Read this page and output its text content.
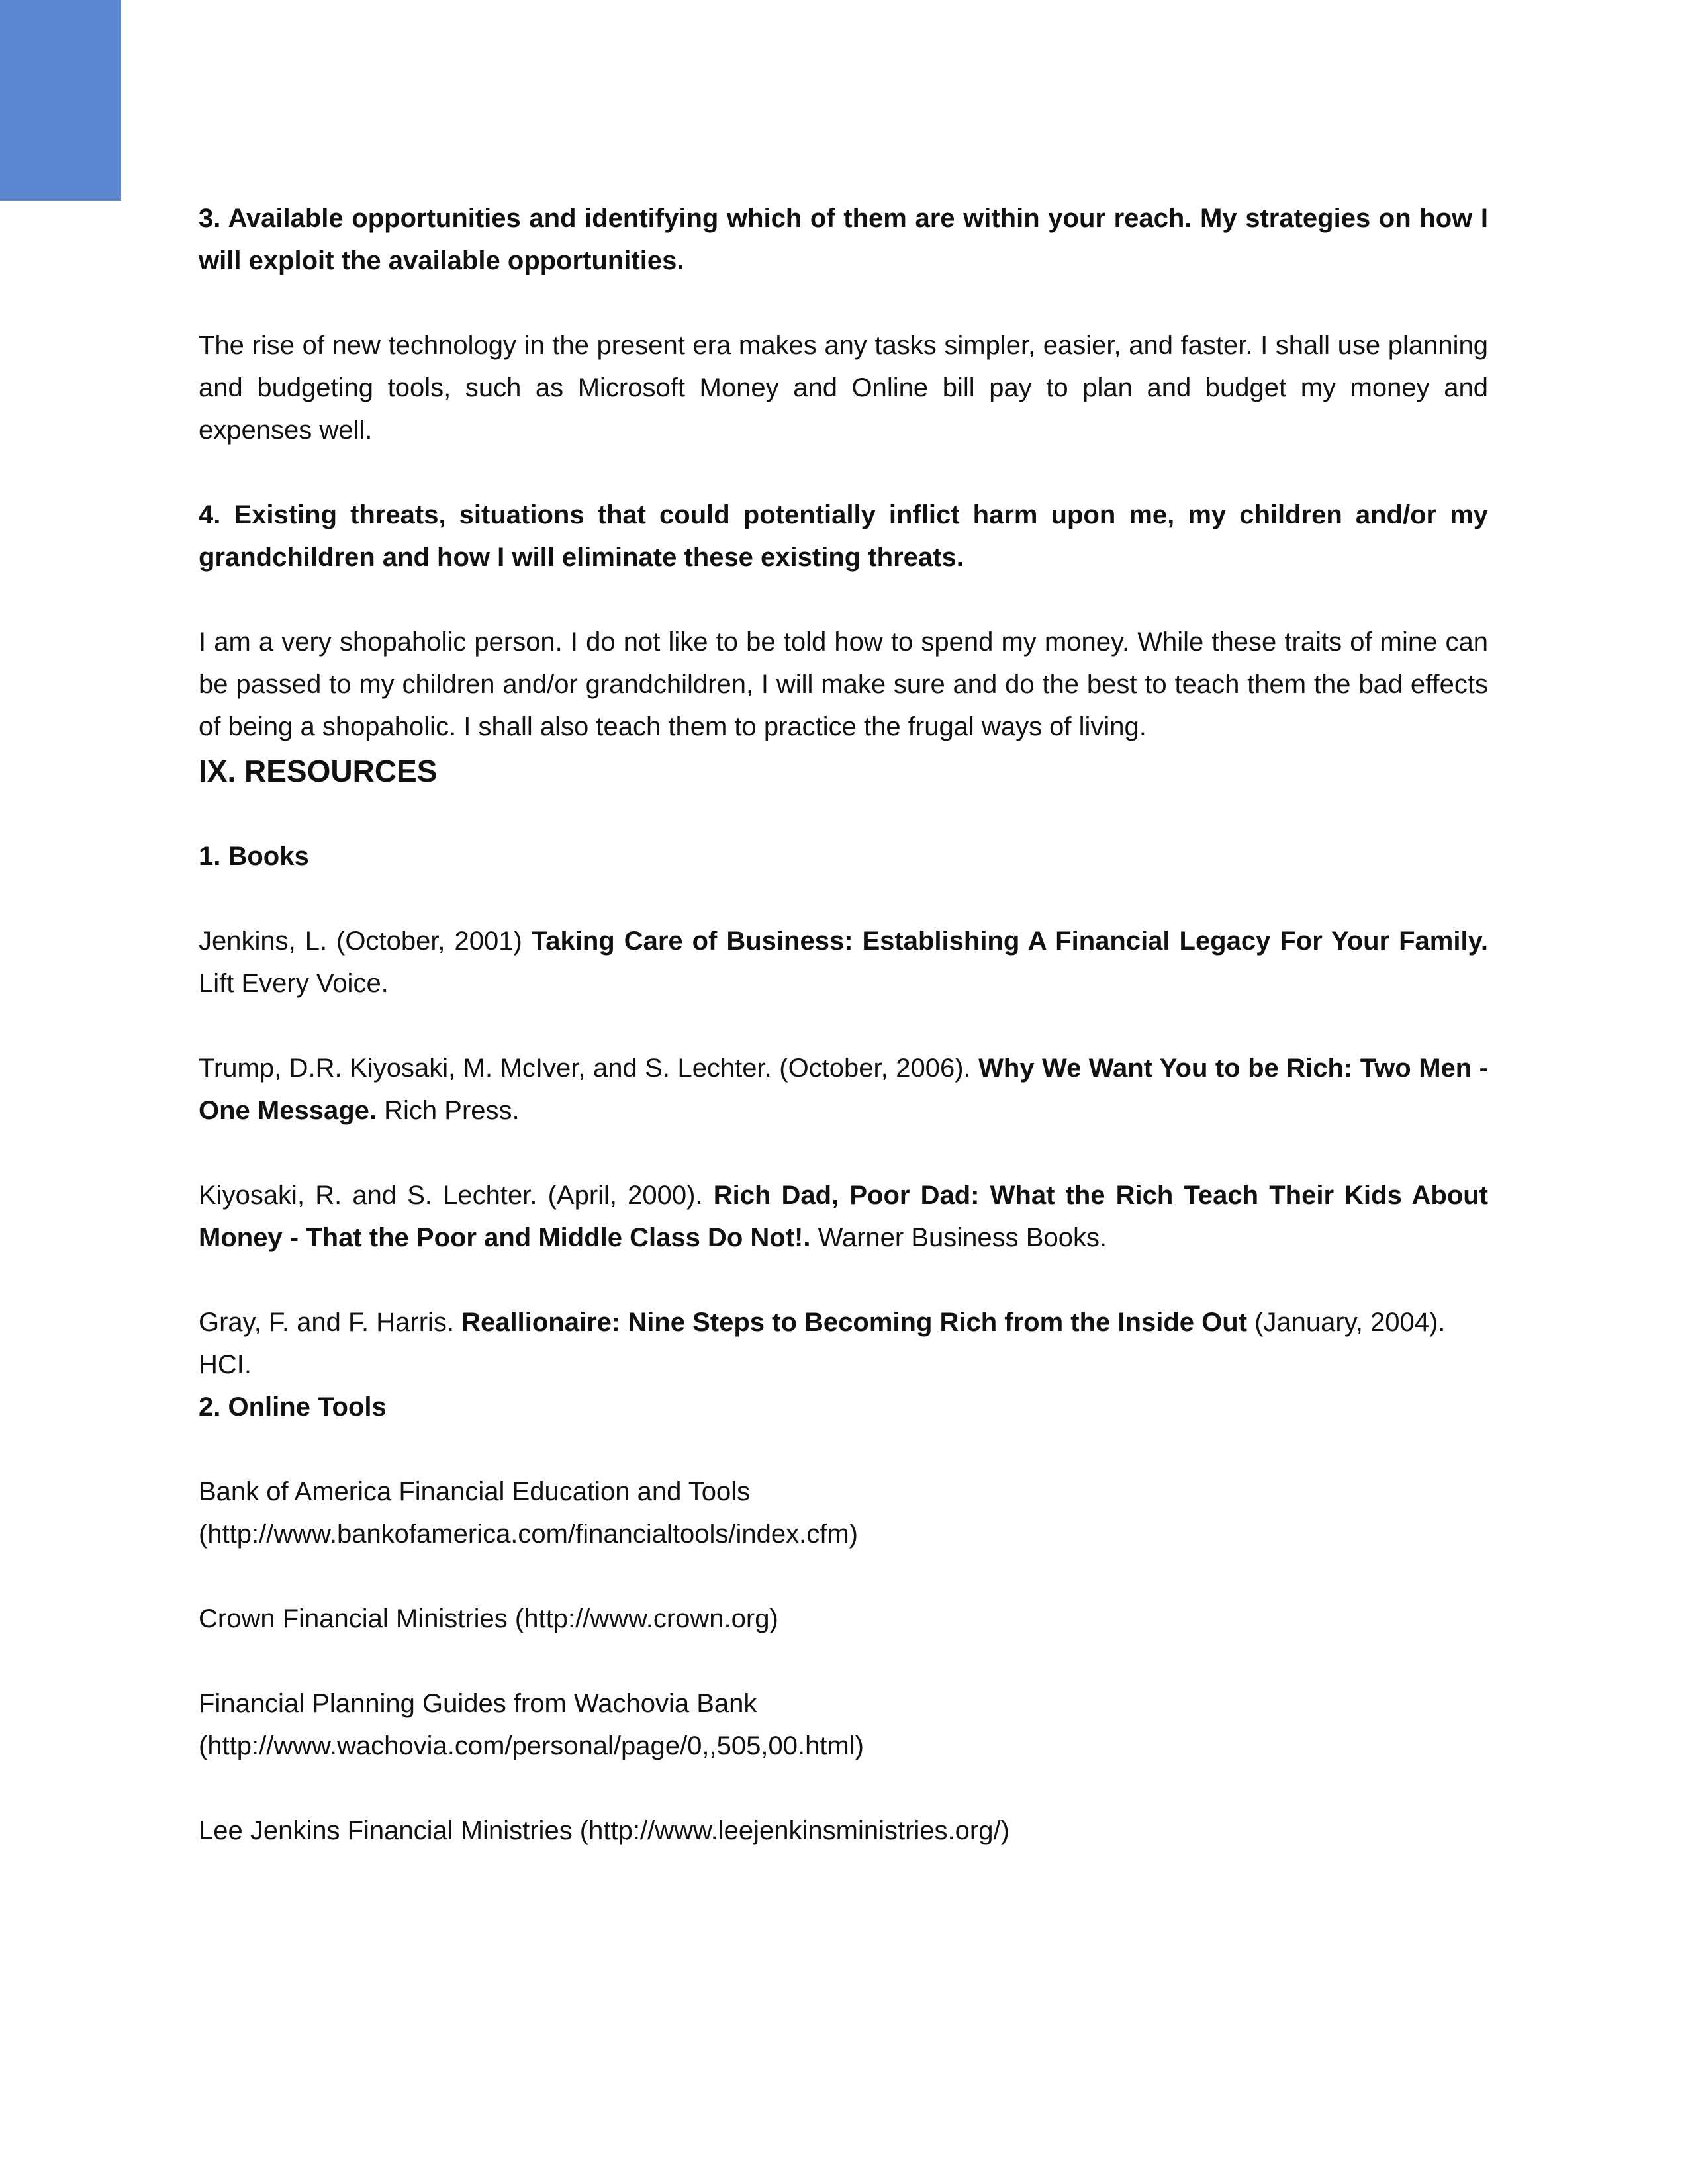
3. Available opportunities and identifying which of them are within your reach. My strategies on how I will exploit the available opportunities.

The rise of new technology in the present era makes any tasks simpler, easier, and faster. I shall use planning and budgeting tools, such as Microsoft Money and Online bill pay to plan and budget my money and expenses well.

4. Existing threats, situations that could potentially inflict harm upon me, my children and/or my grandchildren and how I will eliminate these existing threats.

I am a very shopaholic person. I do not like to be told how to spend my money. While these traits of mine can be passed to my children and/or grandchildren, I will make sure and do the best to teach them the bad effects of being a shopaholic. I shall also teach them to practice the frugal ways of living.

IX. RESOURCES

1. Books

Jenkins, L. (October, 2001) Taking Care of Business: Establishing A Financial Legacy For Your Family. Lift Every Voice.

Trump, D.R. Kiyosaki, M. McIver, and S. Lechter. (October, 2006). Why We Want You to be Rich: Two Men - One Message. Rich Press.

Kiyosaki, R. and S. Lechter. (April, 2000). Rich Dad, Poor Dad: What the Rich Teach Their Kids About Money - That the Poor and Middle Class Do Not!. Warner Business Books.

Gray, F. and F. Harris. Reallionaire: Nine Steps to Becoming Rich from the Inside Out (January, 2004). HCI.

2. Online Tools

Bank of America Financial Education and Tools
(http://www.bankofamerica.com/financialtools/index.cfm)

Crown Financial Ministries (http://www.crown.org)

Financial Planning Guides from Wachovia Bank
(http://www.wachovia.com/personal/page/0,,505,00.html)

Lee Jenkins Financial Ministries (http://www.leejenkinsministries.org/)
